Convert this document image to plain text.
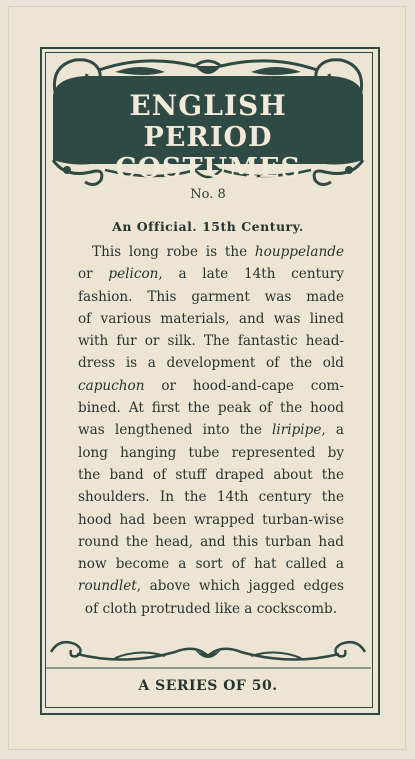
ENGLISH
PERIOD COSTUMES
No. 8
An Official. 15th Century.
This long robe is the houppelande
or pelicon, a late 14th century
fashion. This garment was made
of various materials, and was lined
with fur or silk. The fantastic head-
dress is a development of the old
capuchon or hood-and-cape com-
bined. At first the peak of the hood
was lengthened into the liripipe, a
long hanging tube represented by
the band of stuff draped about the
shoulders. In the 14th century the
hood had been wrapped turban-wise
round the head, and this turban had
now become a sort of hat called a
roundlet, above which jagged edges
of cloth protruded like a cockscomb.
A SERIES OF 50.
